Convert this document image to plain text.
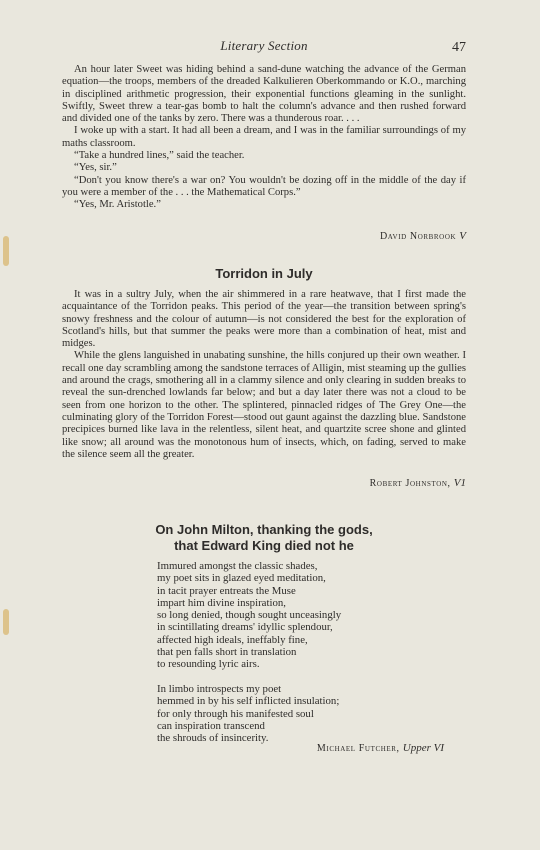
Literary Section	47

An hour later Sweet was hiding behind a sand-dune watching the advance of the German equation—the troops, members of the dreaded Kalkulieren Oberkommando or K.O., marching in disciplined arithmetic progression, their exponential functions gleaming in the sunlight. Swiftly, Sweet threw a tear-gas bomb to halt the column's advance and then rushed forward and divided one of the tanks by zero. There was a thunderous roar. . . .

I woke up with a start. It had all been a dream, and I was in the familiar surroundings of my maths classroom.

“Take a hundred lines,” said the teacher.

“Yes, sir.”

“Don't you know there's a war on? You wouldn't be dozing off in the middle of the day if you were a member of the . . . the Mathematical Corps.”

“Yes, Mr. Aristotle.”

David Norbrook V
Torridon in July

It was in a sultry July, when the air shimmered in a rare heatwave, that I first made the acquaintance of the Torridon peaks. This period of the year—the transition between spring's snowy freshness and the colour of autumn—is not considered the best for the exploration of Scotland's hills, but that summer the peaks were more than a combination of heat, mist and midges.

While the glens languished in unabating sunshine, the hills conjured up their own weather. I recall one day scrambling among the sandstone terraces of Alligin, mist steaming up the gullies and around the crags, smothering all in a clammy silence and only clearing in sudden breaks to reveal the sun-drenched lowlands far below; and but a day later there was not a cloud to be seen from one horizon to the other. The splintered, pinnacled ridges of The Grey One—the culminating glory of the Torridon Forest—stood out gaunt against the dazzling blue. Sandstone precipices burned like lava in the relentless, silent heat, and quartzite scree shone and glinted like snow; all around was the monotonous hum of insects, which, on fading, served to make the silence seem all the greater.

Robert Johnston, V1
On John Milton, thanking the gods,
that Edward King died not he
Immured amongst the classic shades,
my poet sits in glazed eyed meditation,
in tacit prayer entreats the Muse
impart him divine inspiration,
so long denied, though sought unceasingly
in scintillating dreams' idyllic splendour,
affected high ideals, ineffably fine,
that pen falls short in translation
to resounding lyric airs.
In limbo introspects my poet
hemmed in by his self inflicted insulation;
for only through his manifested soul
can inspiration transcend
the shrouds of insincerity.
Michael Futcher, Upper VI
